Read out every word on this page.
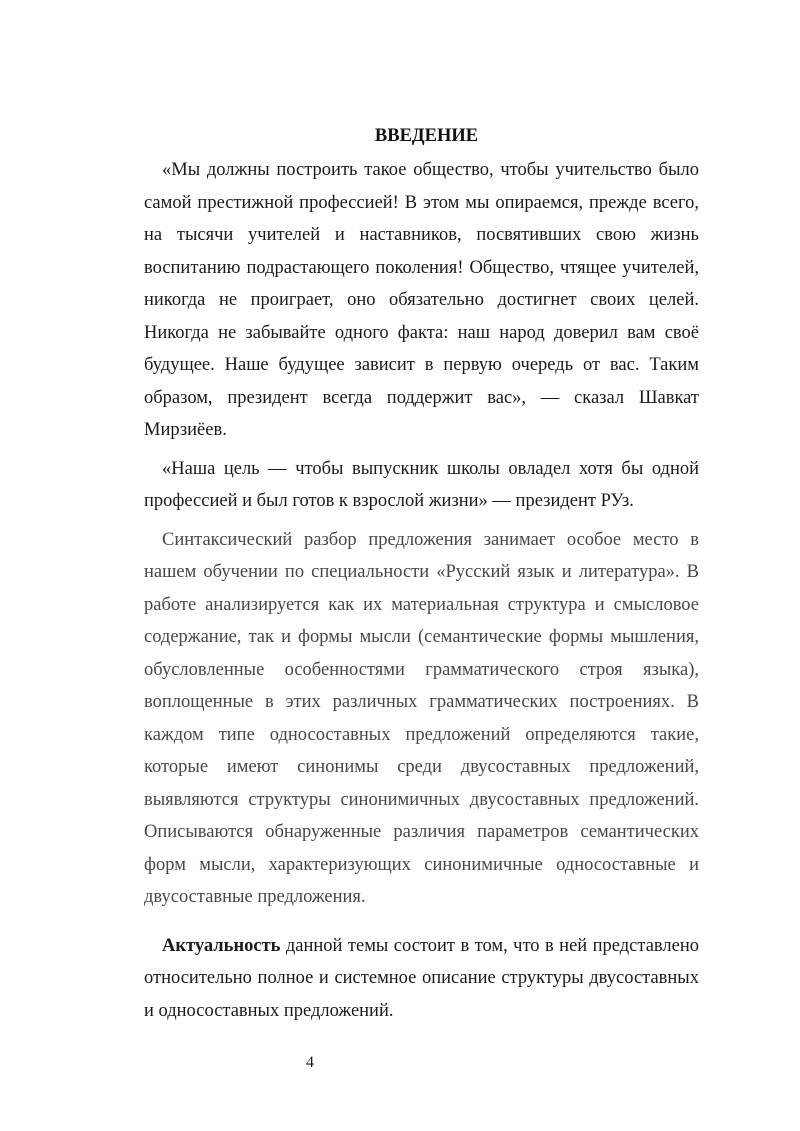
ВВЕДЕНИЕ

«Мы должны построить такое общество, чтобы учительство было самой престижной профессией! В этом мы опираемся, прежде всего, на тысячи учителей и наставников, посвятивших свою жизнь воспитанию подрастающего поколения! Общество, чтящее учителей, никогда не проиграет, оно обязательно достигнет своих целей. Никогда не забывайте одного факта: наш народ доверил вам своё будущее. Наше будущее зависит в первую очередь от вас. Таким образом, президент всегда поддержит вас», — сказал Шавкат Мирзиёев.

«Наша цель — чтобы выпускник школы овладел хотя бы одной профессией и был готов к взрослой жизни» — президент РУз.

Синтаксический разбор предложения занимает особое место в нашем обучении по специальности «Русский язык и литература». В работе анализируется как их материальная структура и смысловое содержание, так и формы мысли (семантические формы мышления, обусловленные особенностями грамматического строя языка), воплощенные в этих различных грамматических построениях. В каждом типе односоставных предложений определяются такие, которые имеют синонимы среди двусоставных предложений, выявляются структуры синонимичных двусоставных предложений. Описываются обнаруженные различия параметров семантических форм мысли, характеризующих синонимичные односоставные и двусоставные предложения.

Актуальность данной темы состоит в том, что в ней представлено относительно полное и системное описание структуры двусоставных и односоставных предложений.

4
